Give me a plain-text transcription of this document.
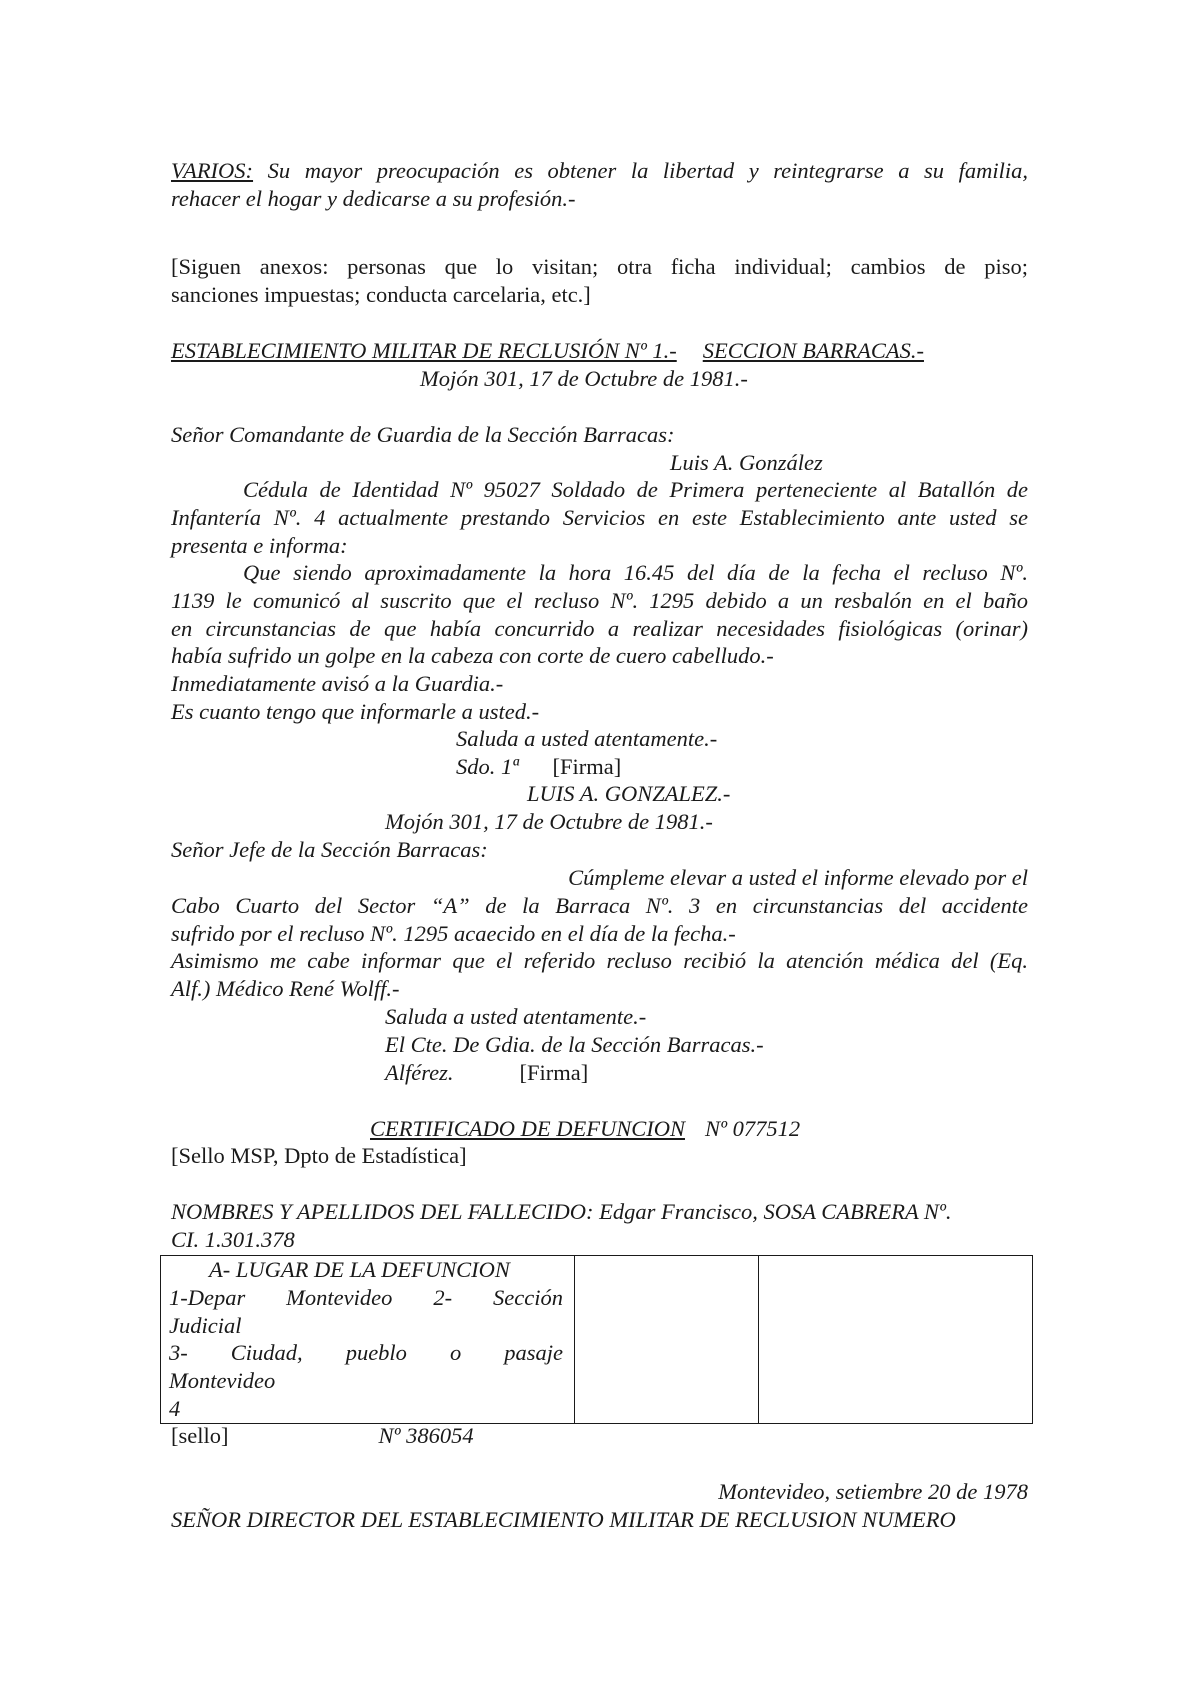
VARIOS: Su mayor preocupación es obtener la libertad y reintegrarse a su familia,
rehacer el hogar y dedicarse a su profesión.-
[Siguen anexos: personas que lo visitan; otra ficha individual; cambios de piso;
sanciones impuestas; conducta carcelaria, etc.]
ESTABLECIMIENTO MILITAR DE RECLUSIÓN Nº 1.- SECCION BARRACAS.-
Mojón 301, 17 de Octubre de 1981.-
Señor Comandante de Guardia de la Sección Barracas:
Luis A. González
Cédula de Identidad Nº 95027 Soldado de Primera perteneciente al Batallón de
Infantería Nº. 4 actualmente prestando Servicios en este Establecimiento ante usted se
presenta e informa:
Que siendo aproximadamente la hora 16.45 del día de la fecha el recluso Nº.
1139 le comunicó al suscrito que el recluso Nº. 1295 debido a un resbalón en el baño
en circunstancias de que había concurrido a realizar necesidades fisiológicas (orinar)
había sufrido un golpe en la cabeza con corte de cuero cabelludo.-
Inmediatamente avisó a la Guardia.-
Es cuanto tengo que informarle a usted.-
Saluda a usted atentamente.-
Sdo. 1ª [Firma]
LUIS A. GONZALEZ.-
Mojón 301, 17 de Octubre de 1981.-
Señor Jefe de la Sección Barracas:
Cúmpleme elevar a usted el informe elevado por el
Cabo Cuarto del Sector “A” de la Barraca Nº. 3 en circunstancias del accidente
sufrido por el recluso Nº. 1295 acaecido en el día de la fecha.-
Asimismo me cabe informar que el referido recluso recibió la atención médica del (Eq.
Alf.) Médico René Wolff.-
Saluda a usted atentamente.-
El Cte. De Gdia. de la Sección Barracas.-
Alférez.	[Firma]
CERTIFICADO DE DEFUNCION Nº 077512
[Sello MSP, Dpto de Estadística]
NOMBRES Y APELLIDOS DEL FALLECIDO: Edgar Francisco, SOSA CABRERA Nº.
CI. 1.301.378
A- LUGAR DE LA DEFUNCION
1-Depar Montevideo 2- Sección
Judicial
3- Ciudad, pueblo o pasaje
Montevideo
4

[sello]	Nº 386054
Montevideo, setiembre 20 de 1978
SEÑOR DIRECTOR DEL ESTABLECIMIENTO MILITAR DE RECLUSION NUMERO
